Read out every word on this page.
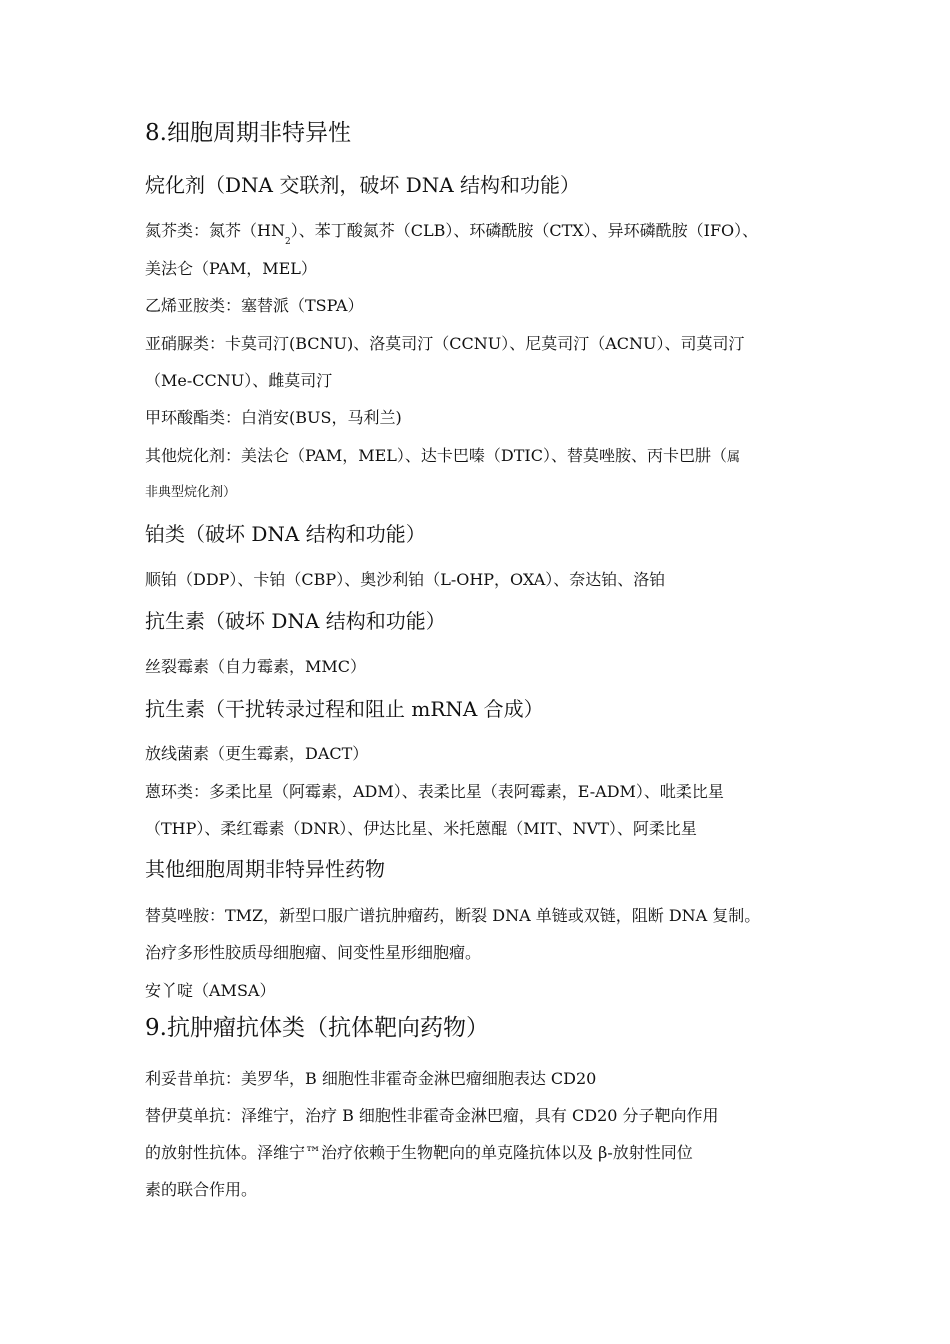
8.细胞周期非特异性
烷化剂（DNA 交联剂，破坏 DNA 结构和功能）
氮芥类：氮芥$(HN_2)$、苯丁酸氮芥（CLB）、环磷酰胺（CTX）、异环磷酰胺（IFO）、
美法仑（PAM，MEL）
乙烯亚胺类：塞替派（TSPA）
亚硝脲类：卡莫司汀(BCNU)、洛莫司汀（CCNU）、尼莫司汀（ACNU）、司莫司汀
（Me-CCNU）、雌莫司汀
甲环酸酯类：白消安(BUS，马利兰)
其他烷化剂：美法仑（PAM，MEL）、达卡巴嗪（DTIC）、替莫唑胺、丙卡巴肼（属
非典型烷化剂）
铂类（破坏 DNA 结构和功能）
顺铂（DDP）、卡铂（CBP）、奥沙利铂（L-OHP，OXA）、奈达铂、洛铂
抗生素（破坏 DNA 结构和功能）
丝裂霉素（自力霉素，MMC）
抗生素（干扰转录过程和阻止 mRNA 合成）
放线菌素（更生霉素，DACT）
蒽环类：多柔比星（阿霉素，ADM）、表柔比星（表阿霉素，E-ADM）、吡柔比星
（THP）、柔红霉素（DNR）、伊达比星、米托蒽醌（MIT、NVT）、阿柔比星
其他细胞周期非特异性药物
替莫唑胺：TMZ，新型口服广谱抗肿瘤药，断裂 DNA 单链或双链，阻断 DNA 复制。
治疗多形性胶质母细胞瘤、间变性星形细胞瘤。
安丫啶（AMSA）
9.抗肿瘤抗体类（抗体靶向药物）
利妥昔单抗：美罗华，B 细胞性非霍奇金淋巴瘤细胞表达 CD20
替伊莫单抗：泽维宁，治疗 B 细胞性非霍奇金淋巴瘤，具有 CD20 分子靶向作用
的放射性抗体。泽维宁™治疗依赖于生物靶向的单克隆抗体以及 β-放射性同位
素的联合作用。
